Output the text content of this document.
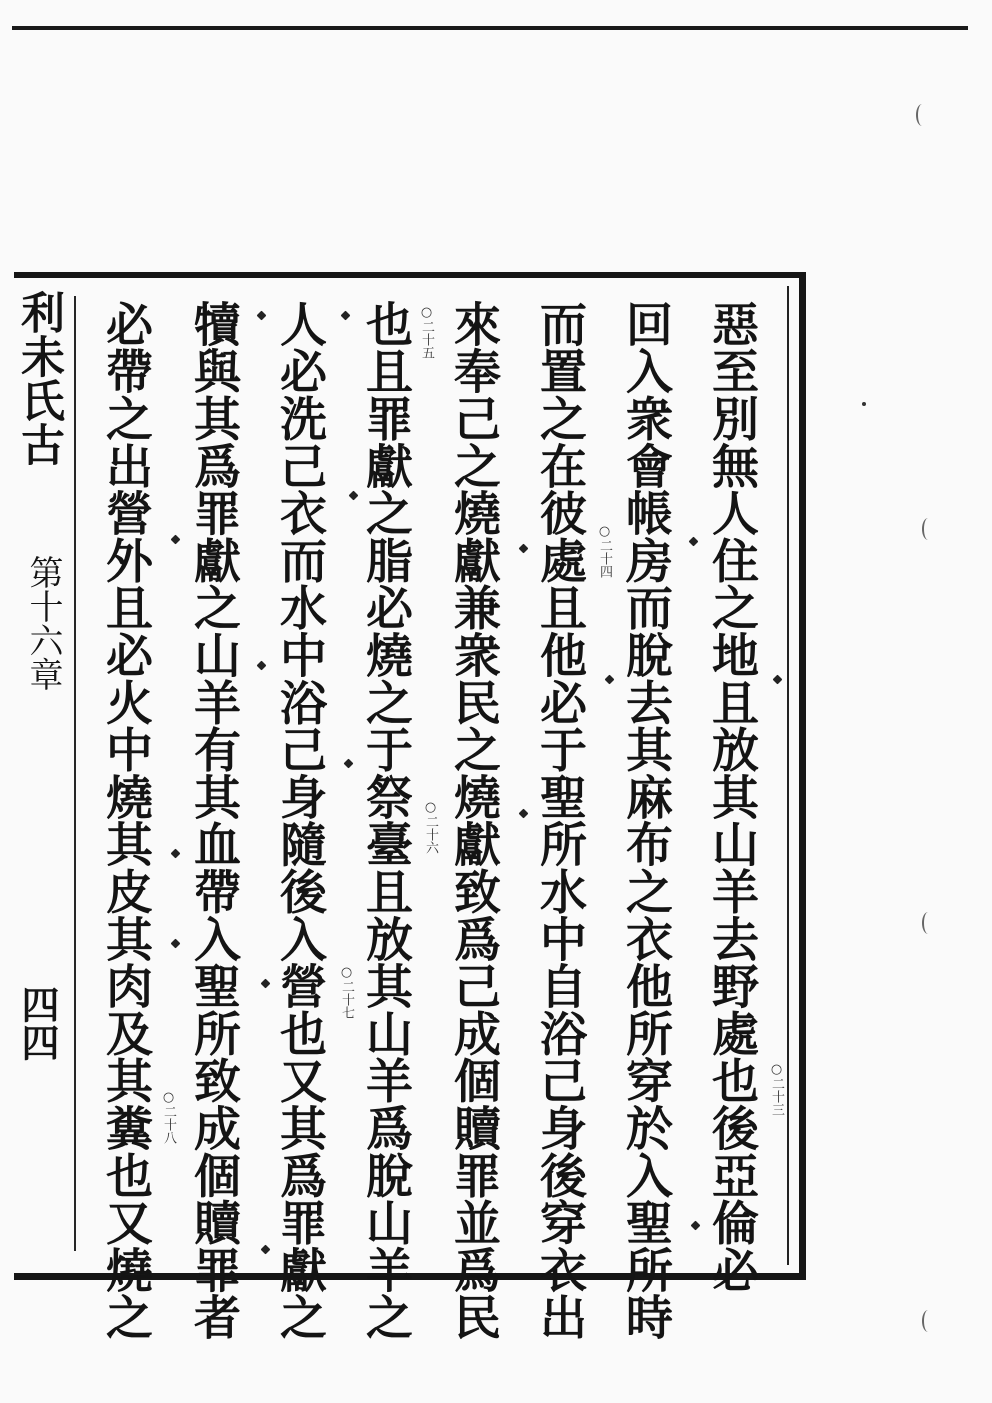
利未氏古
第十六章
四四	惡至別無人住之地且放其山羊去野處也後亞倫必
回入衆會帳房而脫去其麻布之衣他所穿於入聖所時
而置之在彼處且他必于聖所水中自浴己身後穿衣出
來奉己之燒獻兼衆民之燒獻致爲己成個贖罪並爲民
也且罪獻之脂必燒之于祭臺且放其山羊爲脫山羊之
人必洗己衣而水中浴己身隨後入營也又其爲罪獻之
犢與其爲罪獻之山羊有其血帶入聖所致成個贖罪者
必帶之出營外且必火中燒其皮其肉及其糞也又燒之	○二十三
○二十四
○二十五
○二十六
○二十七
○二十八
